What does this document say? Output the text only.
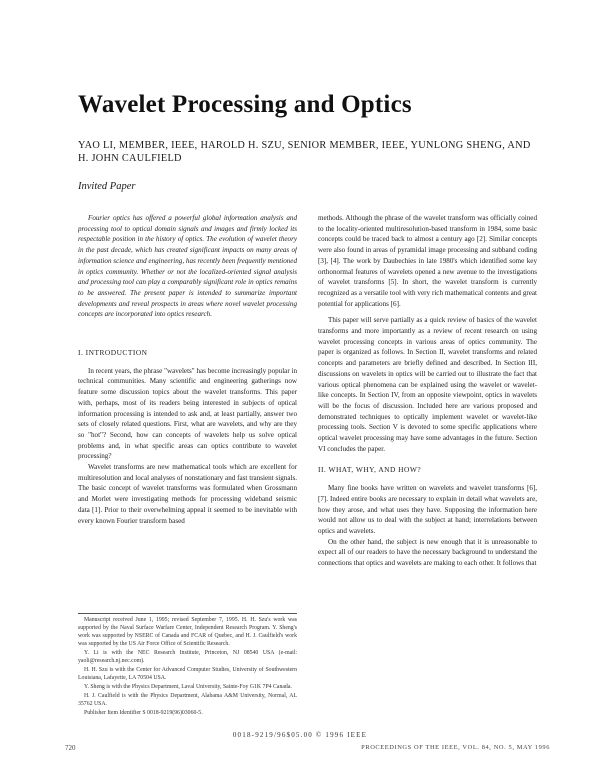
Wavelet Processing and Optics
YAO LI, MEMBER, IEEE, HAROLD H. SZU, SENIOR MEMBER, IEEE, YUNLONG SHENG, AND H. JOHN CAULFIELD
Invited Paper

Fourier optics has offered a powerful global information analysis and processing tool to optical domain signals and images and firmly locked its respectable position in the history of optics. The evolution of wavelet theory in the past decade, which has created significant impacts on many areas of information science and engineering, has recently been frequently mentioned in optics community. Whether or not the localized-oriented signal analysis and processing tool can play a comparably significant role in optics remains to be answered. The present paper is intended to summarize important developments and reveal prospects in areas where novel wavelet processing concepts are incorporated into optics research.

I. INTRODUCTION

In recent years, the phrase "wavelets" has become increasingly popular in technical communities. Many scientific and engineering gatherings now feature some discussion topics about the wavelet transforms. This paper with, perhaps, most of its readers being interested in subjects of optical information processing is intended to ask and, at least partially, answer two sets of closely related questions. First, what are wavelets, and why are they so "hot"? Second, how can concepts of wavelets help us solve optical problems and, in what specific areas can optics contribute to wavelet processing?

Wavelet transforms are new mathematical tools which are excellent for multiresolution and local analyses of nonstationary and fast transient signals. The basic concept of wavelet transforms was formulated when Grossmann and Morlet were investigating methods for processing wideband seismic data [1]. Prior to their overwhelming appeal it seemed to be inevitable with every known Fourier transform based

Manuscript received June 1, 1995; revised September 7, 1995. H. H. Szu's work was supported by the Naval Surface Warfare Center, Independent Research Program. Y. Sheng's work was supported by NSERC of Canada and FCAR of Quebec, and H. J. Caulfield's work was supported by the US Air Force Office of Scientific Research.

Y. Li is with the NEC Research Institute, Princeton, NJ 08540 USA (e-mail: yaoli@research.nj.nec.com).

H. H. Szu is with the Center for Advanced Computer Studies, University of Southwestern Louisiana, Lafayette, LA 70504 USA.

Y. Sheng is with the Physics Department, Laval University, Sainte-Foy G1K 7P4 Canada.

H. J. Caulfield is with the Physics Department, Alabama A&M University, Normal, AL 35762 USA.

Publisher Item Identifier S 0018-9219(96)03060-5.

methods. Although the phrase of the wavelet transform was officially coined to the locality-oriented multiresolution-based transform in 1984, some basic concepts could be traced back to almost a century ago [2]. Similar concepts were also found in areas of pyramidal image processing and subband coding [3], [4]. The work by Daubechies in late 1980's which identified some key orthonormal features of wavelets opened a new avenue to the investigations of wavelet transforms [5]. In short, the wavelet transform is currently recognized as a versatile tool with very rich mathematical contents and great potential for applications [6].

This paper will serve partially as a quick review of basics of the wavelet transforms and more importantly as a review of recent research on using wavelet processing concepts in various areas of optics community. The paper is organized as follows. In Section II, wavelet transforms and related concepts and parameters are briefly defined and described. In Section III, discussions on wavelets in optics will be carried out to illustrate the fact that various optical phenomena can be explained using the wavelet or wavelet-like concepts. In Section IV, from an opposite viewpoint, optics in wavelets will be the focus of discussion. Included here are various proposed and demonstrated techniques to optically implement wavelet or wavelet-like processing tools. Section V is devoted to some specific applications where optical wavelet processing may have some advantages in the future. Section VI concludes the paper.

II. WHAT, WHY, AND HOW?

Many fine books have written on wavelets and wavelet transforms [6], [7]. Indeed entire books are necessary to explain in detail what wavelets are, how they arose, and what uses they have. Supposing the information here would not allow us to deal with the subject at hand; interrelations between optics and wavelets.

On the other hand, the subject is new enough that it is unreasonable to expect all of our readers to have the necessary background to understand the connections that optics and wavelets are making to each other. It follows that

0018-9219/96$05.00 © 1996 IEEE
720	PROCEEDINGS OF THE IEEE, VOL. 84, NO. 5, MAY 1996
